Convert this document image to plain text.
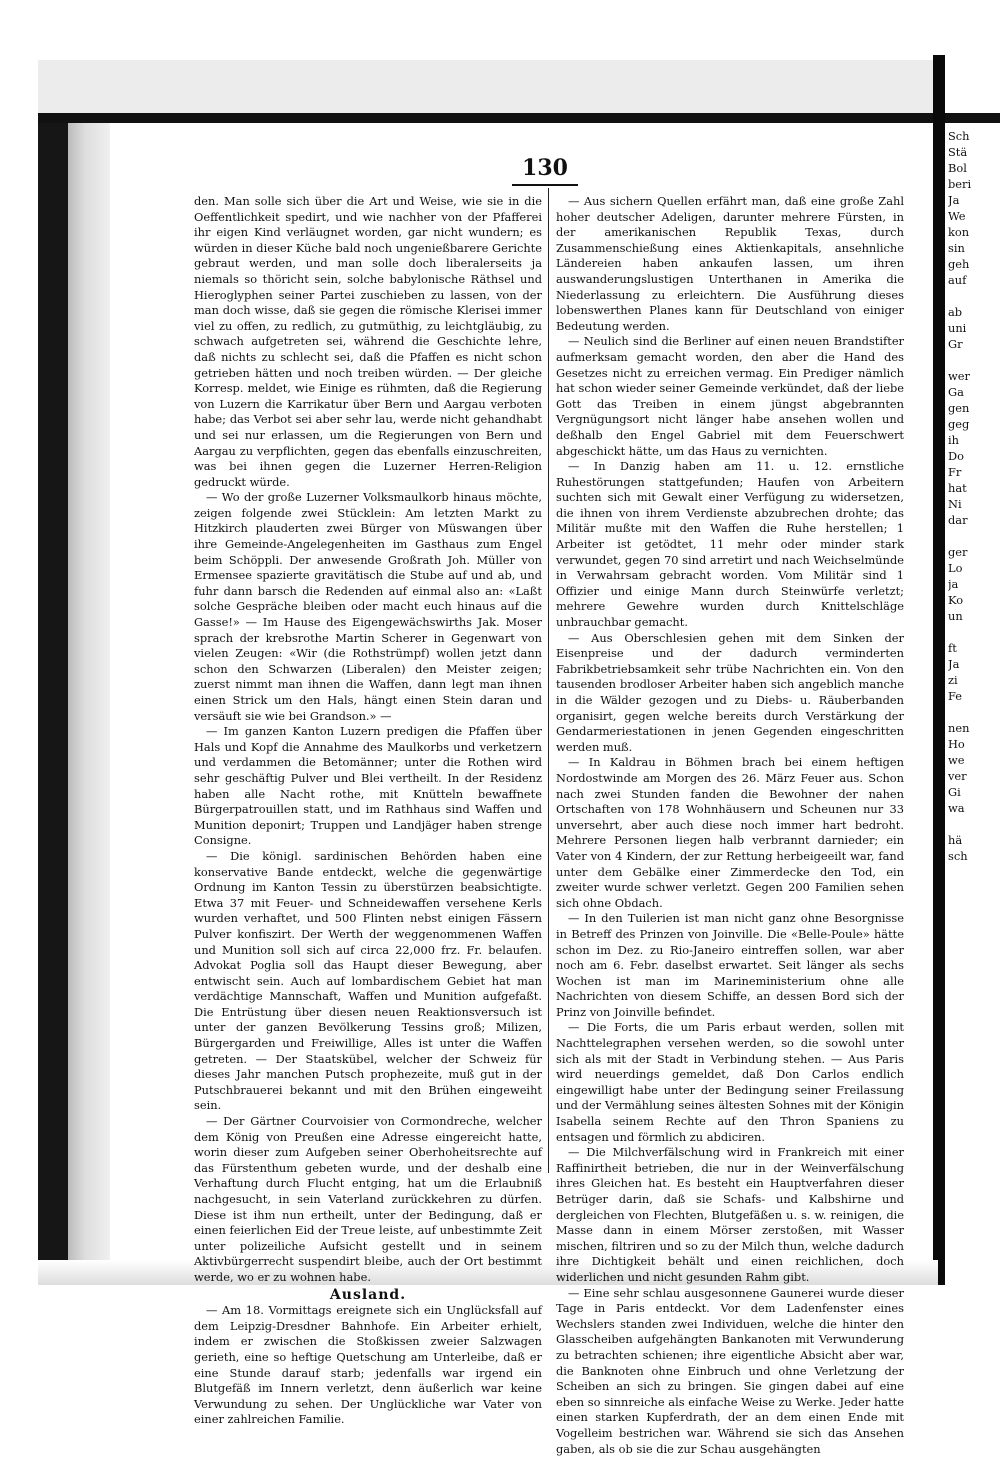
130

den. Man solle sich über die Art und Weise, wie sie in die Oeffentlichkeit spedirt, und wie nachher von der Pfafferei ihr eigen Kind verläugnet worden, gar nicht wundern; es würden in dieser Küche bald noch ungenießbarere Gerichte gebraut werden, und man solle doch liberalerseits ja niemals so thöricht sein, solche babylonische Räthsel und Hieroglyphen seiner Partei zuschieben zu lassen, von der man doch wisse, daß sie gegen die römische Klerisei immer viel zu offen, zu redlich, zu gutmüthig, zu leichtgläubig, zu schwach aufgetreten sei, während die Geschichte lehre, daß nichts zu schlecht sei, daß die Pfaffen es nicht schon getrieben hätten und noch treiben würden. — Der gleiche Korresp. meldet, wie Einige es rühmten, daß die Regierung von Luzern die Karrikatur über Bern und Aargau verboten habe; das Verbot sei aber sehr lau, werde nicht gehandhabt und sei nur erlassen, um die Regierungen von Bern und Aargau zu verpflichten, gegen das ebenfalls einzuschreiten, was bei ihnen gegen die Luzerner Herren-Religion gedruckt würde.

— Wo der große Luzerner Volksmaulkorb hinaus möchte, zeigen folgende zwei Stücklein: Am letzten Markt zu Hitzkirch plauderten zwei Bürger von Müswangen über ihre Gemeinde-Angelegenheiten im Gasthaus zum Engel beim Schöppli. Der anwesende Großrath Joh. Müller von Ermensee spazierte gravitätisch die Stube auf und ab, und fuhr dann barsch die Redenden auf einmal also an: «Laßt solche Gespräche bleiben oder macht euch hinaus auf die Gasse!» — Im Hause des Eigengewächswirths Jak. Moser sprach der krebsrothe Martin Scherer in Gegenwart von vielen Zeugen: «Wir (die Rothstrümpf) wollen jetzt dann schon den Schwarzen (Liberalen) den Meister zeigen; zuerst nimmt man ihnen die Waffen, dann legt man ihnen einen Strick um den Hals, hängt einen Stein daran und versäuft sie wie bei Grandson.» —

— Im ganzen Kanton Luzern predigen die Pfaffen über Hals und Kopf die Annahme des Maulkorbs und verketzern und verdammen die Betomänner; unter die Rothen wird sehr geschäftig Pulver und Blei vertheilt. In der Residenz haben alle Nacht rothe, mit Knütteln bewaffnete Bürgerpatrouillen statt, und im Rathhaus sind Waffen und Munition deponirt; Truppen und Landjäger haben strenge Consigne.

— Die königl. sardinischen Behörden haben eine konservative Bande entdeckt, welche die gegenwärtige Ordnung im Kanton Tessin zu überstürzen beabsichtigte. Etwa 37 mit Feuer- und Schneidewaffen versehene Kerls wurden verhaftet, und 500 Flinten nebst einigen Fässern Pulver konfiszirt. Der Werth der weggenommenen Waffen und Munition soll sich auf circa 22,000 frz. Fr. belaufen. Advokat Poglia soll das Haupt dieser Bewegung, aber entwischt sein. Auch auf lombardischem Gebiet hat man verdächtige Mannschaft, Waffen und Munition aufgefaßt. Die Entrüstung über diesen neuen Reaktionsversuch ist unter der ganzen Bevölkerung Tessins groß; Milizen, Bürgergarden und Freiwillige, Alles ist unter die Waffen getreten. — Der Staatskübel, welcher der Schweiz für dieses Jahr manchen Putsch prophezeite, muß gut in der Putschbrauerei bekannt und mit den Brühen eingeweiht sein.

— Der Gärtner Courvoisier von Cormondreche, welcher dem König von Preußen eine Adresse eingereicht hatte, worin dieser zum Aufgeben seiner Oberhoheitsrechte auf das Fürstenthum gebeten wurde, und der deshalb eine Verhaftung durch Flucht entging, hat um die Erlaubniß nachgesucht, in sein Vaterland zurückkehren zu dürfen. Diese ist ihm nun ertheilt, unter der Bedingung, daß er einen feierlichen Eid der Treue leiste, auf unbestimmte Zeit unter polizeiliche Aufsicht gestellt und in seinem Aktivbürgerrecht suspendirt bleibe, auch der Ort bestimmt werde, wo er zu wohnen habe.

Ausland.

— Am 18. Vormittags ereignete sich ein Unglücksfall auf dem Leipzig-Dresdner Bahnhofe. Ein Arbeiter erhielt, indem er zwischen die Stoßkissen zweier Salzwagen gerieth, eine so heftige Quetschung am Unterleibe, daß er eine Stunde darauf starb; jedenfalls war irgend ein Blutgefäß im Innern verletzt, denn äußerlich war keine Verwundung zu sehen. Der Unglückliche war Vater von einer zahlreichen Familie.

— Aus sichern Quellen erfährt man, daß eine große Zahl hoher deutscher Adeligen, darunter mehrere Fürsten, in der amerikanischen Republik Texas, durch Zusammenschießung eines Aktienkapitals, ansehnliche Ländereien haben ankaufen lassen, um ihren auswanderungslustigen Unterthanen in Amerika die Niederlassung zu erleichtern. Die Ausführung dieses lobenswerthen Planes kann für Deutschland von einiger Bedeutung werden.

— Neulich sind die Berliner auf einen neuen Brandstifter aufmerksam gemacht worden, den aber die Hand des Gesetzes nicht zu erreichen vermag. Ein Prediger nämlich hat schon wieder seiner Gemeinde verkündet, daß der liebe Gott das Treiben in einem jüngst abgebrannten Vergnügungsort nicht länger habe ansehen wollen und deßhalb den Engel Gabriel mit dem Feuerschwert abgeschickt hätte, um das Haus zu vernichten.

— In Danzig haben am 11. u. 12. ernstliche Ruhestörungen stattgefunden; Haufen von Arbeitern suchten sich mit Gewalt einer Verfügung zu widersetzen, die ihnen von ihrem Verdienste abzubrechen drohte; das Militär mußte mit den Waffen die Ruhe herstellen; 1 Arbeiter ist getödtet, 11 mehr oder minder stark verwundet, gegen 70 sind arretirt und nach Weichselmünde in Verwahrsam gebracht worden. Vom Militär sind 1 Offizier und einige Mann durch Steinwürfe verletzt; mehrere Gewehre wurden durch Knittelschläge unbrauchbar gemacht.

— Aus Oberschlesien gehen mit dem Sinken der Eisenpreise und der dadurch verminderten Fabrikbetriebsamkeit sehr trübe Nachrichten ein. Von den tausenden brodloser Arbeiter haben sich angeblich manche in die Wälder gezogen und zu Diebs- u. Räuberbanden organisirt, gegen welche bereits durch Verstärkung der Gendarmeriestationen in jenen Gegenden eingeschritten werden muß.

— In Kaldrau in Böhmen brach bei einem heftigen Nordostwinde am Morgen des 26. März Feuer aus. Schon nach zwei Stunden fanden die Bewohner der nahen Ortschaften von 178 Wohnhäusern und Scheunen nur 33 unversehrt, aber auch diese noch immer hart bedroht. Mehrere Personen liegen halb verbrannt darnieder; ein Vater von 4 Kindern, der zur Rettung herbeigeeilt war, fand unter dem Gebälke einer Zimmerdecke den Tod, ein zweiter wurde schwer verletzt. Gegen 200 Familien sehen sich ohne Obdach.

— In den Tuilerien ist man nicht ganz ohne Besorgnisse in Betreff des Prinzen von Joinville. Die «Belle-Poule» hätte schon im Dez. zu Rio-Janeiro eintreffen sollen, war aber noch am 6. Febr. daselbst erwartet. Seit länger als sechs Wochen ist man im Marineministerium ohne alle Nachrichten von diesem Schiffe, an dessen Bord sich der Prinz von Joinville befindet.

— Die Forts, die um Paris erbaut werden, sollen mit Nachttelegraphen versehen werden, so die sowohl unter sich als mit der Stadt in Verbindung stehen. — Aus Paris wird neuerdings gemeldet, daß Don Carlos endlich eingewilligt habe unter der Bedingung seiner Freilassung und der Vermählung seines ältesten Sohnes mit der Königin Isabella seinem Rechte auf den Thron Spaniens zu entsagen und förmlich zu abdiciren.

— Die Milchverfälschung wird in Frankreich mit einer Raffinirtheit betrieben, die nur in der Weinverfälschung ihres Gleichen hat. Es besteht ein Hauptverfahren dieser Betrüger darin, daß sie Schafs- und Kalbshirne und dergleichen von Flechten, Blutgefäßen u. s. w. reinigen, die Masse dann in einem Mörser zerstoßen, mit Wasser mischen, filtriren und so zu der Milch thun, welche dadurch ihre Dichtigkeit behält und einen reichlichen, doch widerlichen und nicht gesunden Rahm gibt.

— Eine sehr schlau ausgesonnene Gaunerei wurde dieser Tage in Paris entdeckt. Vor dem Ladenfenster eines Wechslers standen zwei Individuen, welche die hinter den Glasscheiben aufgehängten Bankanoten mit Verwunderung zu betrachten schienen; ihre eigentliche Absicht aber war, die Banknoten ohne Einbruch und ohne Verletzung der Scheiben an sich zu bringen. Sie gingen dabei auf eine eben so sinnreiche als einfache Weise zu Werke. Jeder hatte einen starken Kupferdrath, der an dem einen Ende mit Vogelleim bestrichen war. Während sie sich das Ansehen gaben, als ob sie die zur Schau ausgehängten

Sch
Stä
Bol
beri
Ja
We
kon
sin
geh
auf
ab
uni
Gr
wer
Ga
gen
geg
ih
Do
Fr
hat
Ni
dar
ger
Lo
ja
Ko
un
ft
Ja
zi
Fe
nen
Ho
we
ver
Gi
wa
hä
sch
